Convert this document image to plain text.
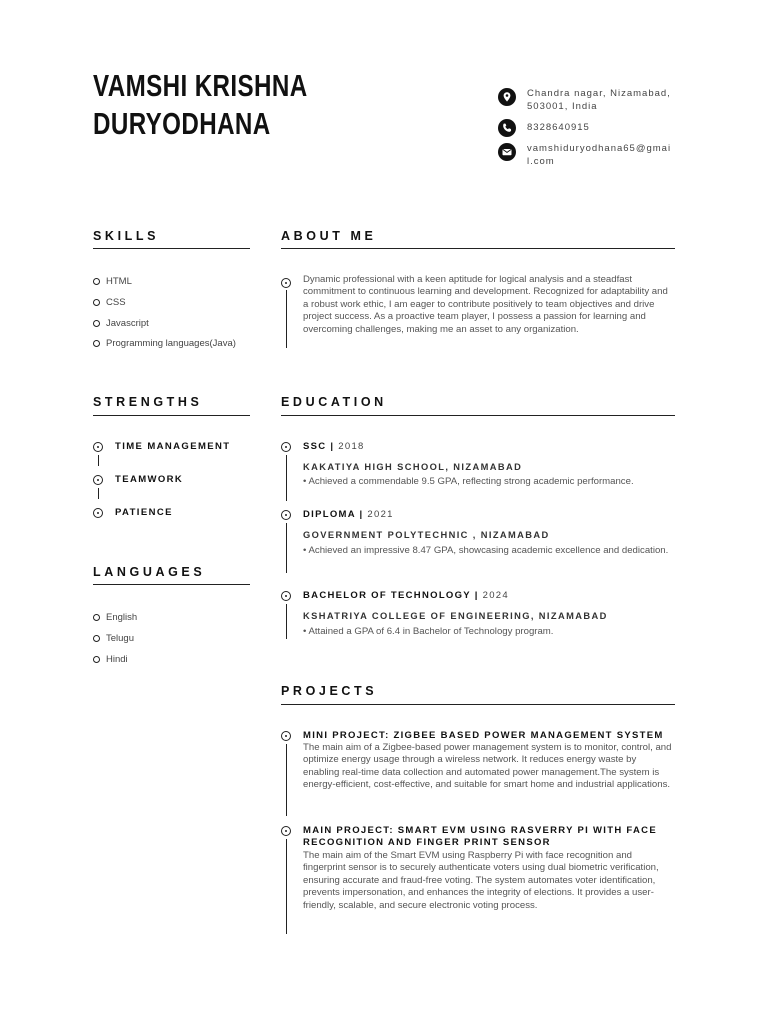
VAMSHI KRISHNA
DURYODHANA
Chandra nagar, Nizamabad, 503001, India
8328640915
vamshiduryodhana65@gmail.com
SKILLS
HTML
CSS
Javascript
Programming languages(Java)
STRENGTHS
TIME MANAGEMENT
TEAMWORK
PATIENCE
LANGUAGES
English
Telugu
Hindi
ABOUT ME

Dynamic professional with a keen aptitude for logical analysis and a steadfast commitment to continuous learning and development. Recognized for adaptability and a robust work ethic, I am eager to contribute positively to team objectives and drive project success. As a proactive team player, I possess a passion for learning and overcoming challenges, making me an asset to any organization.

EDUCATION
SSC | 2018
KAKATIYA HIGH SCHOOL, NIZAMABAD

• Achieved a commendable 9.5 GPA, reflecting strong academic performance.

DIPLOMA | 2021
GOVERNMENT POLYTECHNIC , NIZAMABAD

• Achieved an impressive 8.47 GPA, showcasing academic excellence and dedication.

BACHELOR OF TECHNOLOGY | 2024
KSHATRIYA COLLEGE OF ENGINEERING, NIZAMABAD

• Attained a GPA of 6.4 in Bachelor of Technology program.

PROJECTS

MINI PROJECT: ZIGBEE BASED POWER MANAGEMENT SYSTEM

The main aim of a Zigbee-based power management system is to monitor, control, and optimize energy usage through a wireless network. It reduces energy waste by enabling real-time data collection and automated power management.The system is energy-efficient, cost-effective, and suitable for smart home and industrial applications.

MAIN PROJECT: SMART EVM USING RASVERRY PI WITH FACE RECOGNITION AND FINGER PRINT SENSOR

The main aim of the Smart EVM using Raspberry Pi with face recognition and fingerprint sensor is to securely authenticate voters using dual biometric verification, ensuring accurate and fraud-free voting. The system automates voter identification, prevents impersonation, and enhances the integrity of elections. It provides a user-friendly, scalable, and secure electronic voting process.
